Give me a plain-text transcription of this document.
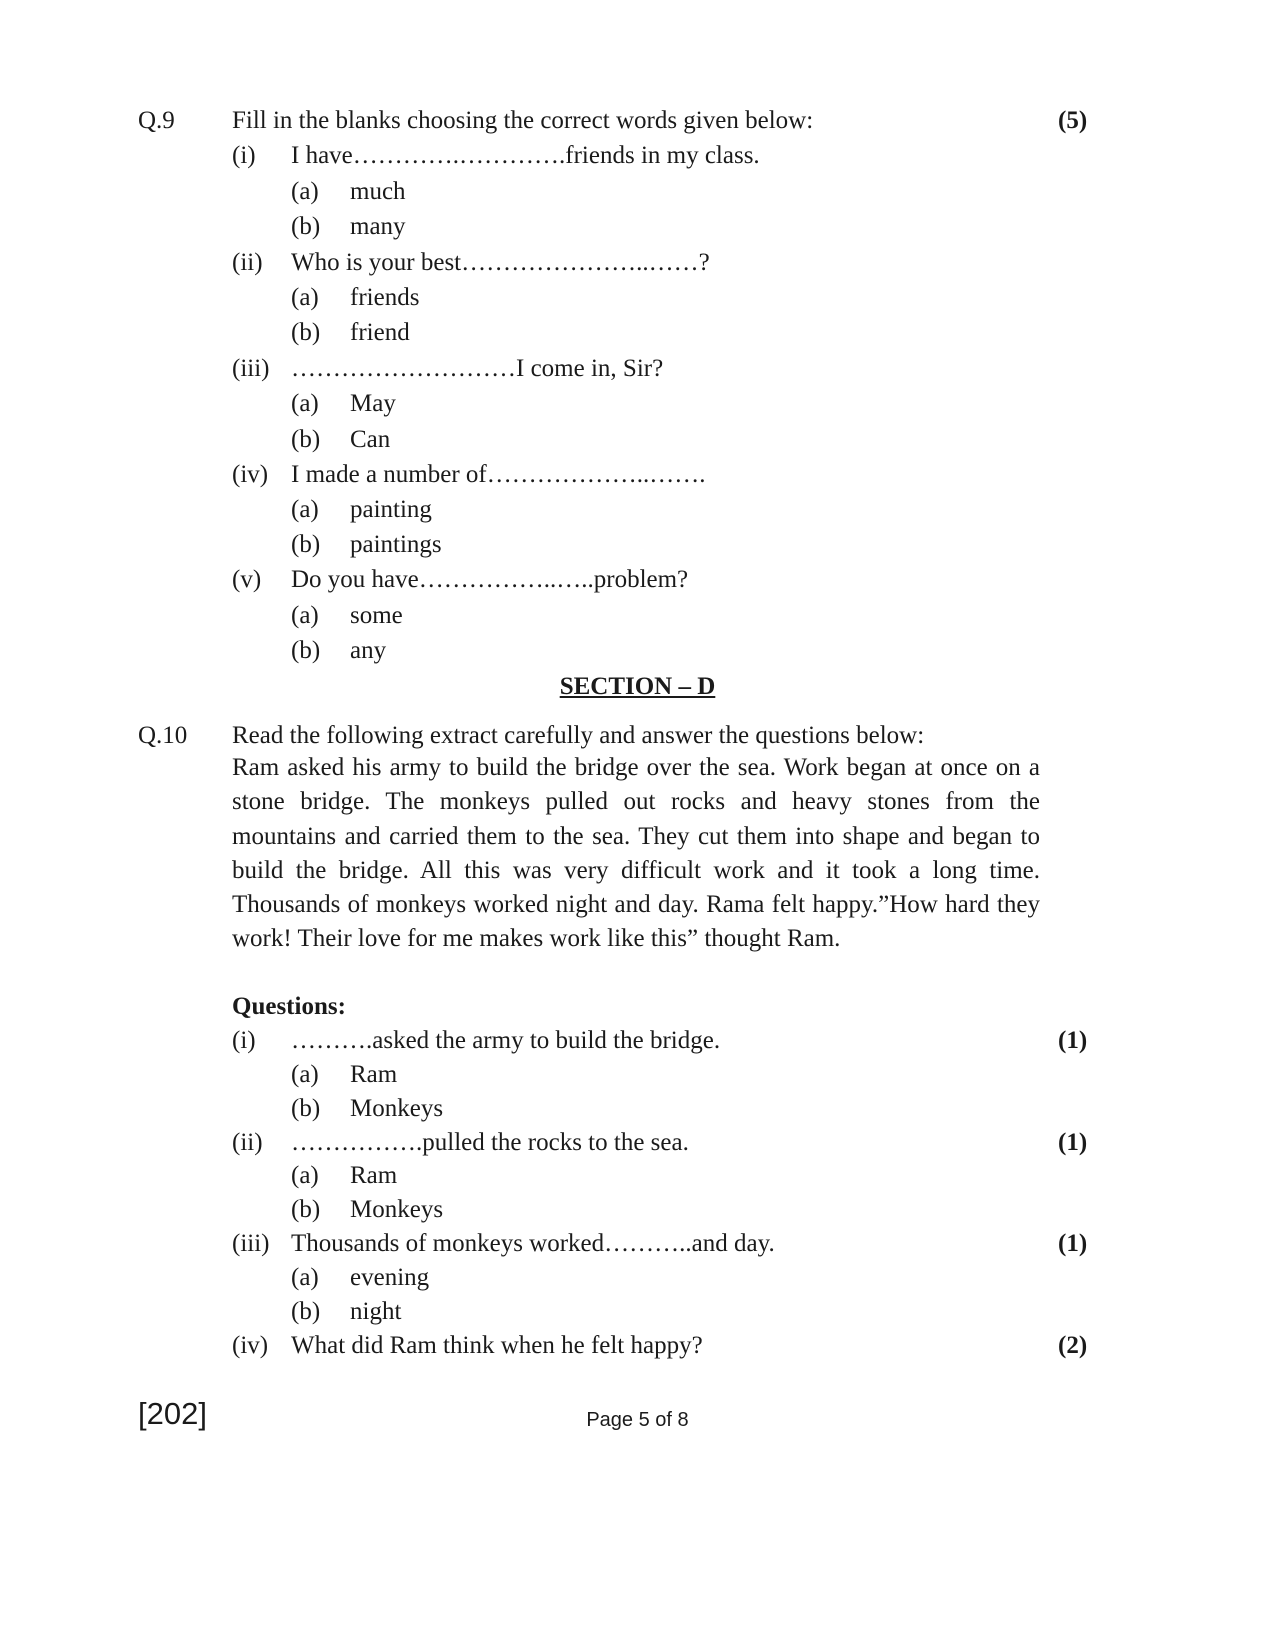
Q.9 Fill in the blanks choosing the correct words given below:	(5)
(i) I have………….………….friends in my class.
(a) much
(b) many
(ii) Who is your best…………………..……?
(a) friends
(b) friend
(iii) ………………………I come in, Sir?
(a) May
(b) Can
(iv) I made a number of………………..…….
(a) painting
(b) paintings
(v) Do you have……………..…..problem?
(a) some
(b) any
SECTION – D
Q.10 Read the following extract carefully and answer the questions below:
Ram asked his army to build the bridge over the sea. Work began at once on a stone bridge. The monkeys pulled out rocks and heavy stones from the mountains and carried them to the sea. They cut them into shape and began to build the bridge. All this was very difficult work and it took a long time. Thousands of monkeys worked night and day. Rama felt happy.”How hard they work! Their love for me makes work like this” thought Ram.
Questions:
(i) ……….asked the army to build the bridge.	(1)
(a) Ram
(b) Monkeys
(ii) …………….pulled the rocks to the sea.	(1)
(a) Ram
(b) Monkeys
(iii) Thousands of monkeys worked………..and day.	(1)
(a) evening
(b) night
(iv) What did Ram think when he felt happy?	(2)
[202]	Page 5 of 8
